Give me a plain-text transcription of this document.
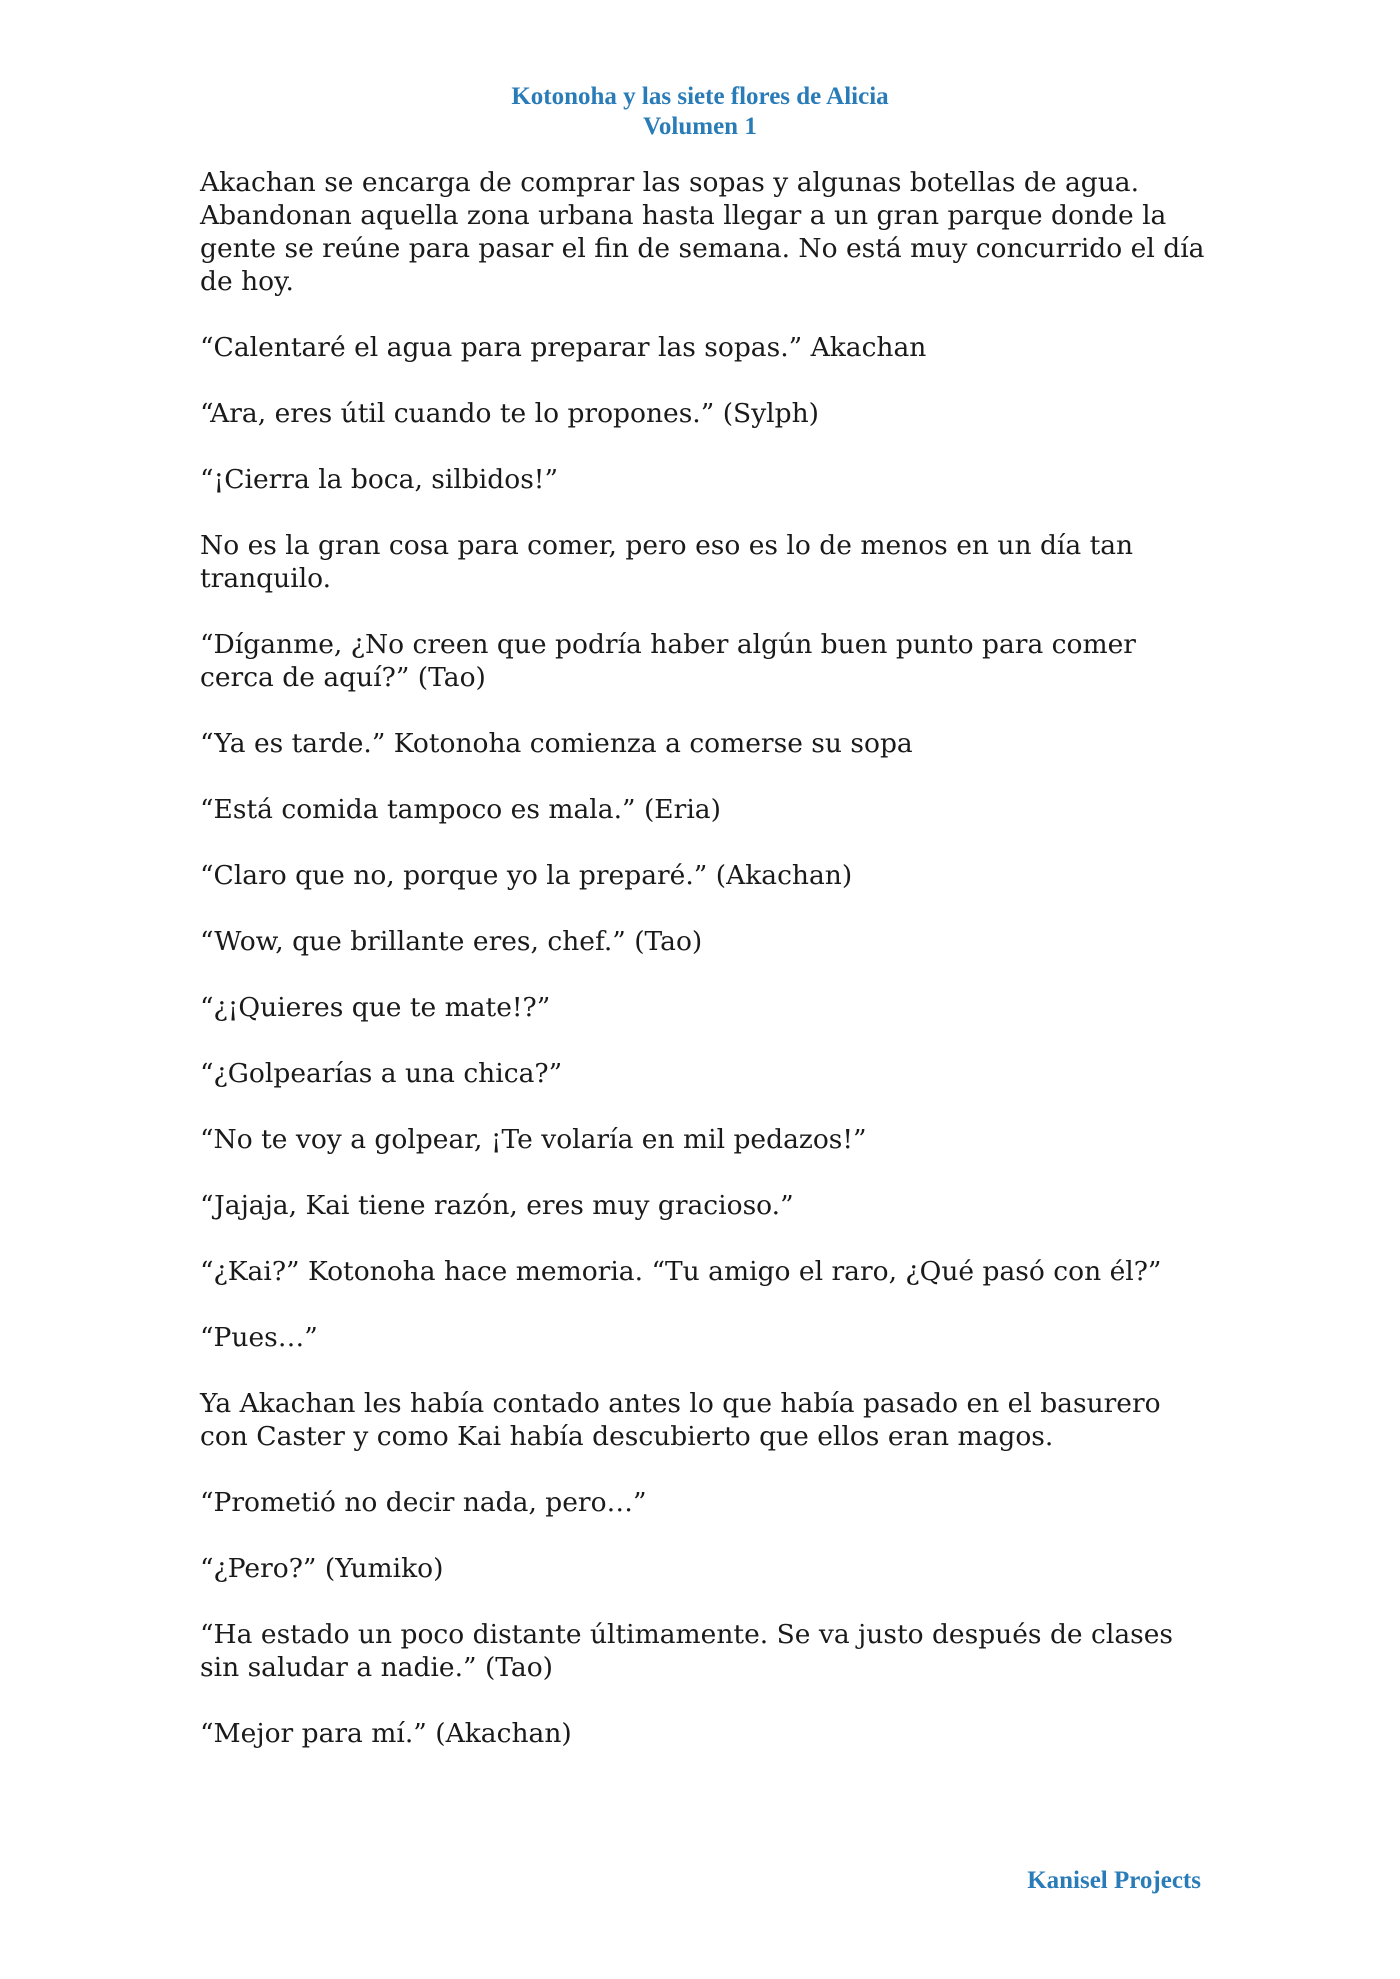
Kotonoha y las siete flores de Alicia
Volumen 1

Akachan se encarga de comprar las sopas y algunas botellas de agua. Abandonan aquella zona urbana hasta llegar a un gran parque donde la gente se reúne para pasar el fin de semana. No está muy concurrido el día de hoy.

“Calentaré el agua para preparar las sopas.” Akachan

“Ara, eres útil cuando te lo propones.” (Sylph)

“¡Cierra la boca, silbidos!”

No es la gran cosa para comer, pero eso es lo de menos en un día tan tranquilo.

“Díganme, ¿No creen que podría haber algún buen punto para comer cerca de aquí?” (Tao)

“Ya es tarde.” Kotonoha comienza a comerse su sopa

“Está comida tampoco es mala.” (Eria)

“Claro que no, porque yo la preparé.” (Akachan)

“Wow, que brillante eres, chef.” (Tao)

“¿¡Quieres que te mate!?”

“¿Golpearías a una chica?”

“No te voy a golpear, ¡Te volaría en mil pedazos!”

“Jajaja, Kai tiene razón, eres muy gracioso.”

“¿Kai?” Kotonoha hace memoria. “Tu amigo el raro, ¿Qué pasó con él?”

“Pues…”

Ya Akachan les había contado antes lo que había pasado en el basurero con Caster y como Kai había descubierto que ellos eran magos.

“Prometió no decir nada, pero…”

“¿Pero?” (Yumiko)

“Ha estado un poco distante últimamente. Se va justo después de clases sin saludar a nadie.” (Tao)

“Mejor para mí.” (Akachan)

Kanisel Projects
